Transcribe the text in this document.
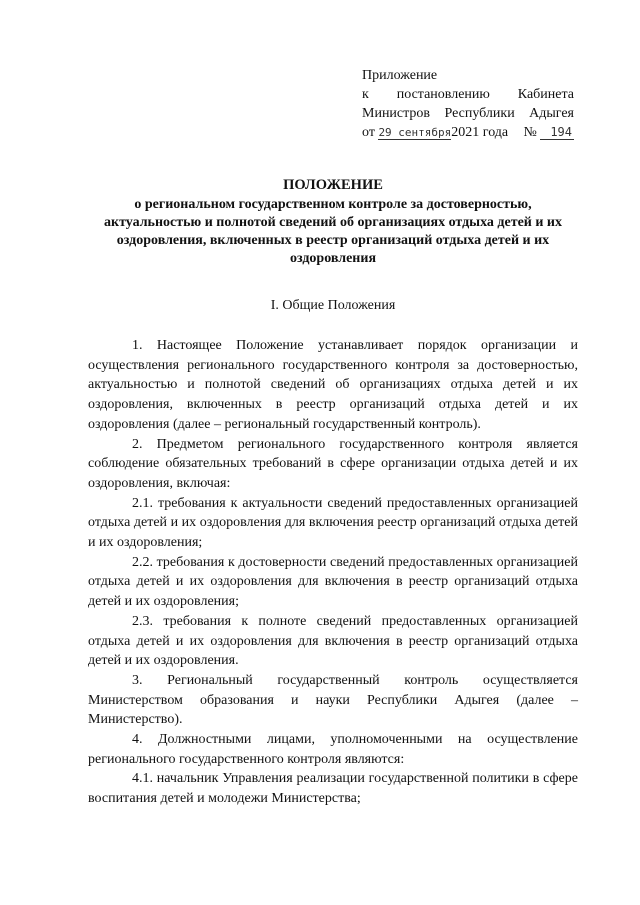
Приложение
к постановлению Кабинета
Министров Республики Адыгея
от 29 сентября2021 года № 194
ПОЛОЖЕНИЕ
о региональном государственном контроле за достоверностью, актуальностью и полнотой сведений об организациях отдыха детей и их оздоровления, включенных в реестр организаций отдыха детей и их оздоровления
I. Общие Положения

1. Настоящее Положение устанавливает порядок организации и осуществления регионального государственного контроля за достоверностью, актуальностью и полнотой сведений об организациях отдыха детей и их оздоровления, включенных в реестр организаций отдыха детей и их оздоровления (далее – региональный государственный контроль).

2. Предметом регионального государственного контроля является соблюдение обязательных требований в сфере организации отдыха детей и их оздоровления, включая:

2.1. требования к актуальности сведений предоставленных организацией отдыха детей и их оздоровления для включения реестр организаций отдыха детей и их оздоровления;

2.2. требования к достоверности сведений предоставленных организацией отдыха детей и их оздоровления для включения в реестр организаций отдыха детей и их оздоровления;

2.3. требования к полноте сведений предоставленных организацией отдыха детей и их оздоровления для включения в реестр организаций отдыха детей и их оздоровления.

3. Региональный государственный контроль осуществляется Министерством образования и науки Республики Адыгея (далее – Министерство).

4. Должностными лицами, уполномоченными на осуществление регионального государственного контроля являются:

4.1. начальник Управления реализации государственной политики в сфере воспитания детей и молодежи Министерства;
